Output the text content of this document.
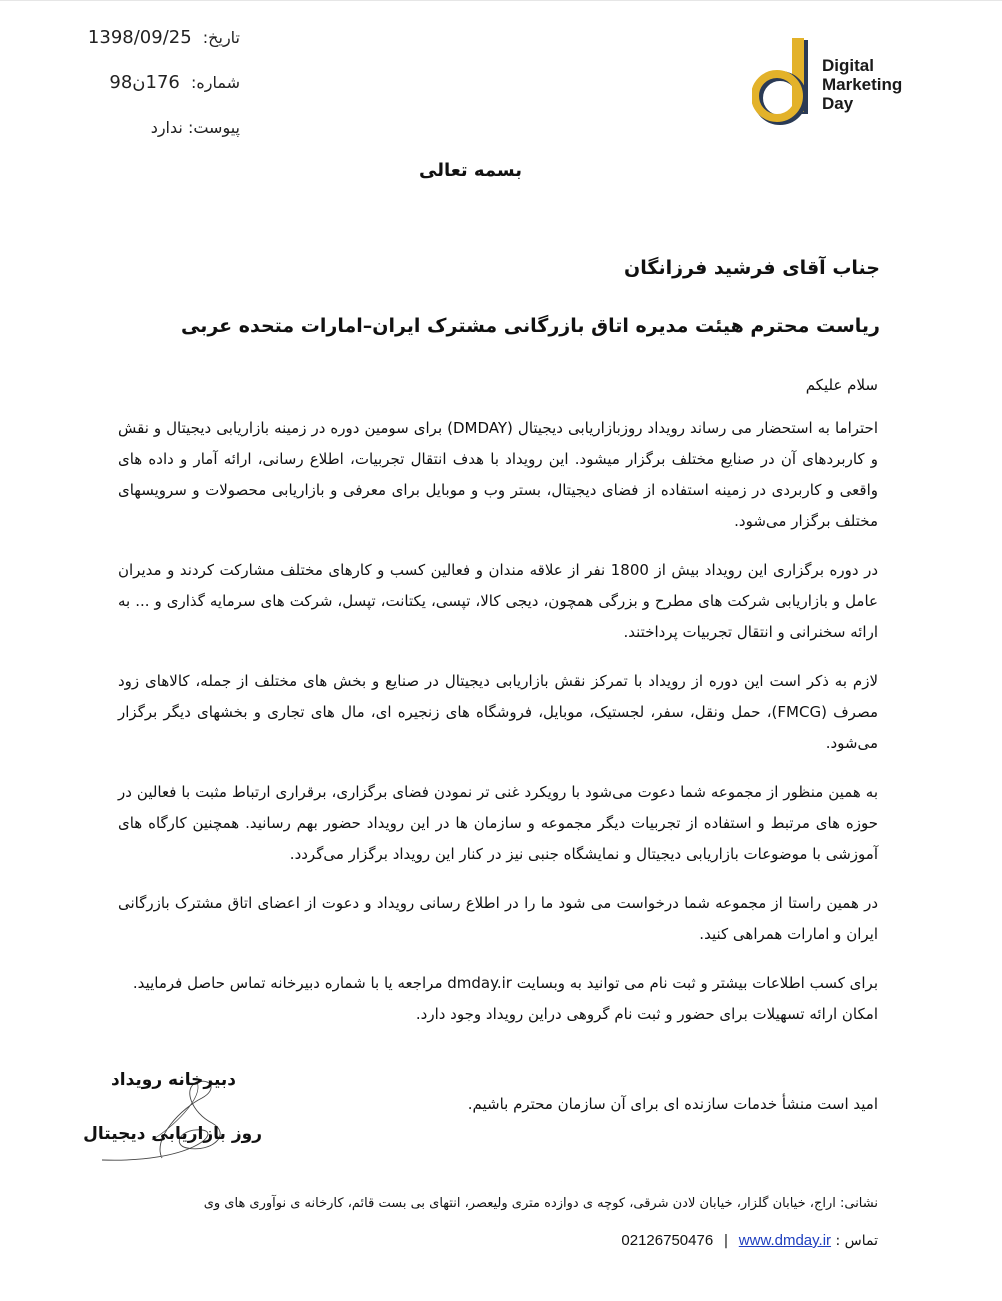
تاریخ: 1398/09/25
شماره: 176ن98
پیوست: ندارد
Digital
Marketing
Day
بسمه تعالی
جناب آقای فرشید فرزانگان
ریاست محترم هیئت مدیره اتاق بازرگانی مشترک ایران–امارات متحده عربی

سلام علیکم

احتراما به استحضار می رساند رویداد روزبازاریابی دیجیتال (DMDAY) برای سومین دوره در زمینه بازاریابی دیجیتال و نقش و کاربردهای آن در صنایع مختلف برگزار میشود. این رویداد با هدف انتقال تجربیات، اطلاع رسانی، ارائه آمار و داده های واقعی و کاربردی در زمینه استفاده از فضای دیجیتال، بستر وب و موبایل برای معرفی و بازاریابی محصولات و سرویسهای مختلف برگزار می‌شود.

در دوره برگزاری این رویداد بیش از 1800 نفر از علاقه مندان و فعالین کسب و کارهای مختلف مشارکت کردند و مدیران عامل و بازاریابی شرکت های مطرح و بزرگی همچون، دیجی کالا، تپسی، یکتانت، تپسل، شرکت های سرمایه گذاری و ... به ارائه سخنرانی و انتقال تجربیات پرداختند.

لازم به ذکر است این دوره از رویداد با تمرکز نقش بازاریابی دیجیتال در صنایع و بخش های مختلف از جمله، کالاهای زود مصرف (FMCG)، حمل ونقل، سفر، لجستیک، موبایل، فروشگاه های زنجیره ای، مال های تجاری و بخشهای دیگر برگزار می‌شود.

به همین منظور از مجموعه شما دعوت می‌شود با رویکرد غنی تر نمودن فضای برگزاری، برقراری ارتباط مثبت با فعالین در حوزه های مرتبط و استفاده از تجربیات دیگر مجموعه و سازمان ها در این رویداد حضور بهم رسانید. همچنین کارگاه های آموزشی با موضوعات بازاریابی دیجیتال و نمایشگاه جنبی نیز در کنار این رویداد برگزار می‌گردد.

در همین راستا از مجموعه شما درخواست می شود ما را در اطلاع رسانی رویداد و دعوت از اعضای اتاق مشترک بازرگانی ایران و امارات همراهی کنید.

برای کسب اطلاعات بیشتر و ثبت نام می توانید به وبسایت dmday.ir مراجعه یا با شماره دبیرخانه تماس حاصل فرمایید.

امکان ارائه تسهیلات برای حضور و ثبت نام گروهی دراین رویداد وجود دارد.

امید است منشأ خدمات سازنده ای برای آن سازمان محترم باشیم.
دبیرخانه رویداد
روز بازاریابی دیجیتال
نشانی: اراج، خیابان گلزار، خیابان لادن شرقی، کوچه ی دوازده متری ولیعصر، انتهای بی بست قائم، کارخانه ی نوآوری های وی
تماس : 02126750476 | www.dmday.ir
